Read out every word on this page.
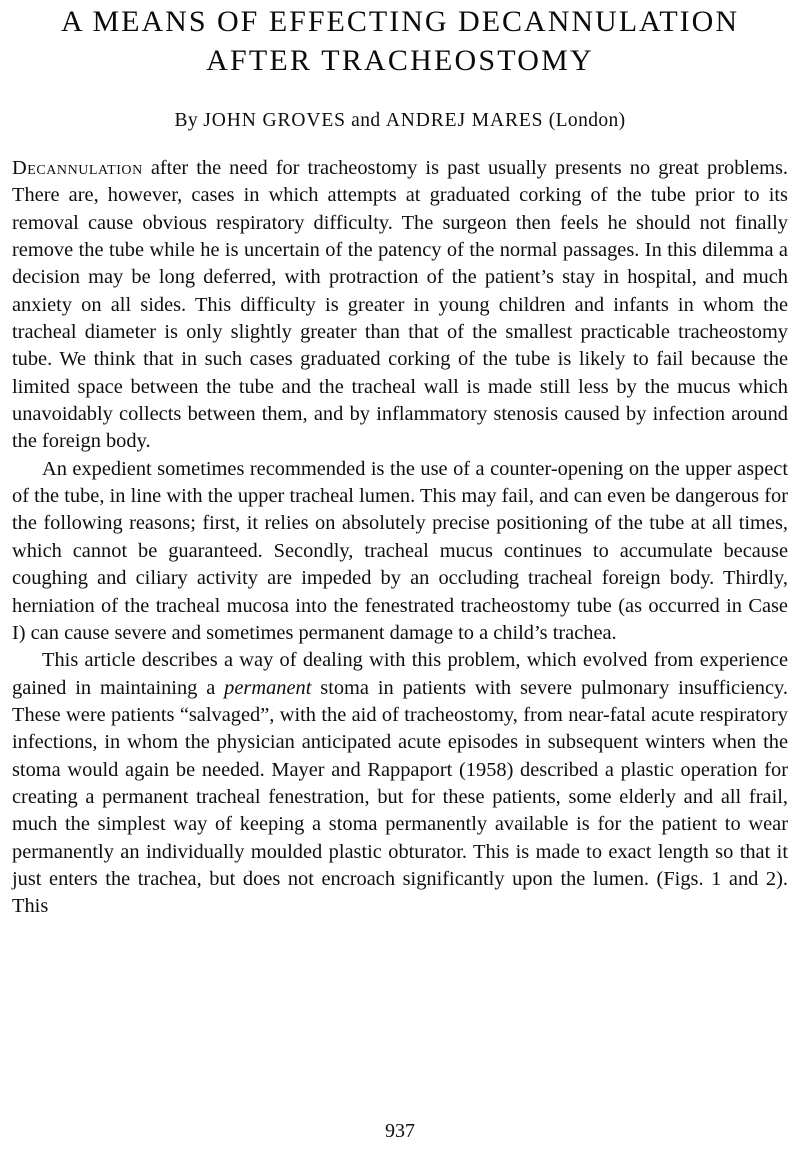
A MEANS OF EFFECTING DECANNULATION
AFTER TRACHEOSTOMY
By JOHN GROVES and ANDREJ MARES (London)

Decannulation after the need for tracheostomy is past usually presents no great problems. There are, however, cases in which attempts at graduated corking of the tube prior to its removal cause obvious respiratory difficulty. The surgeon then feels he should not finally remove the tube while he is uncertain of the patency of the normal passages. In this dilemma a decision may be long deferred, with protraction of the patient’s stay in hospital, and much anxiety on all sides. This difficulty is greater in young children and infants in whom the tracheal diameter is only slightly greater than that of the smallest practicable tracheostomy tube. We think that in such cases graduated corking of the tube is likely to fail because the limited space between the tube and the tracheal wall is made still less by the mucus which unavoidably collects between them, and by inflammatory stenosis caused by infection around the foreign body.

An expedient sometimes recommended is the use of a counter-opening on the upper aspect of the tube, in line with the upper tracheal lumen. This may fail, and can even be dangerous for the following reasons; first, it relies on absolutely precise positioning of the tube at all times, which cannot be guaranteed. Secondly, tracheal mucus continues to accumulate because coughing and ciliary activity are impeded by an occluding tracheal foreign body. Thirdly, herniation of the tracheal mucosa into the fenestrated tracheostomy tube (as occurred in Case I) can cause severe and sometimes permanent damage to a child’s trachea.

This article describes a way of dealing with this problem, which evolved from experience gained in maintaining a permanent stoma in patients with severe pulmonary insufficiency. These were patients “salvaged”, with the aid of tracheostomy, from near-fatal acute respiratory infections, in whom the physician anticipated acute episodes in subsequent winters when the stoma would again be needed. Mayer and Rappaport (1958) described a plastic operation for creating a permanent tracheal fenestration, but for these patients, some elderly and all frail, much the simplest way of keeping a stoma permanently available is for the patient to wear permanently an individually moulded plastic obturator. This is made to exact length so that it just enters the trachea, but does not encroach significantly upon the lumen. (Figs. 1 and 2). This

937
